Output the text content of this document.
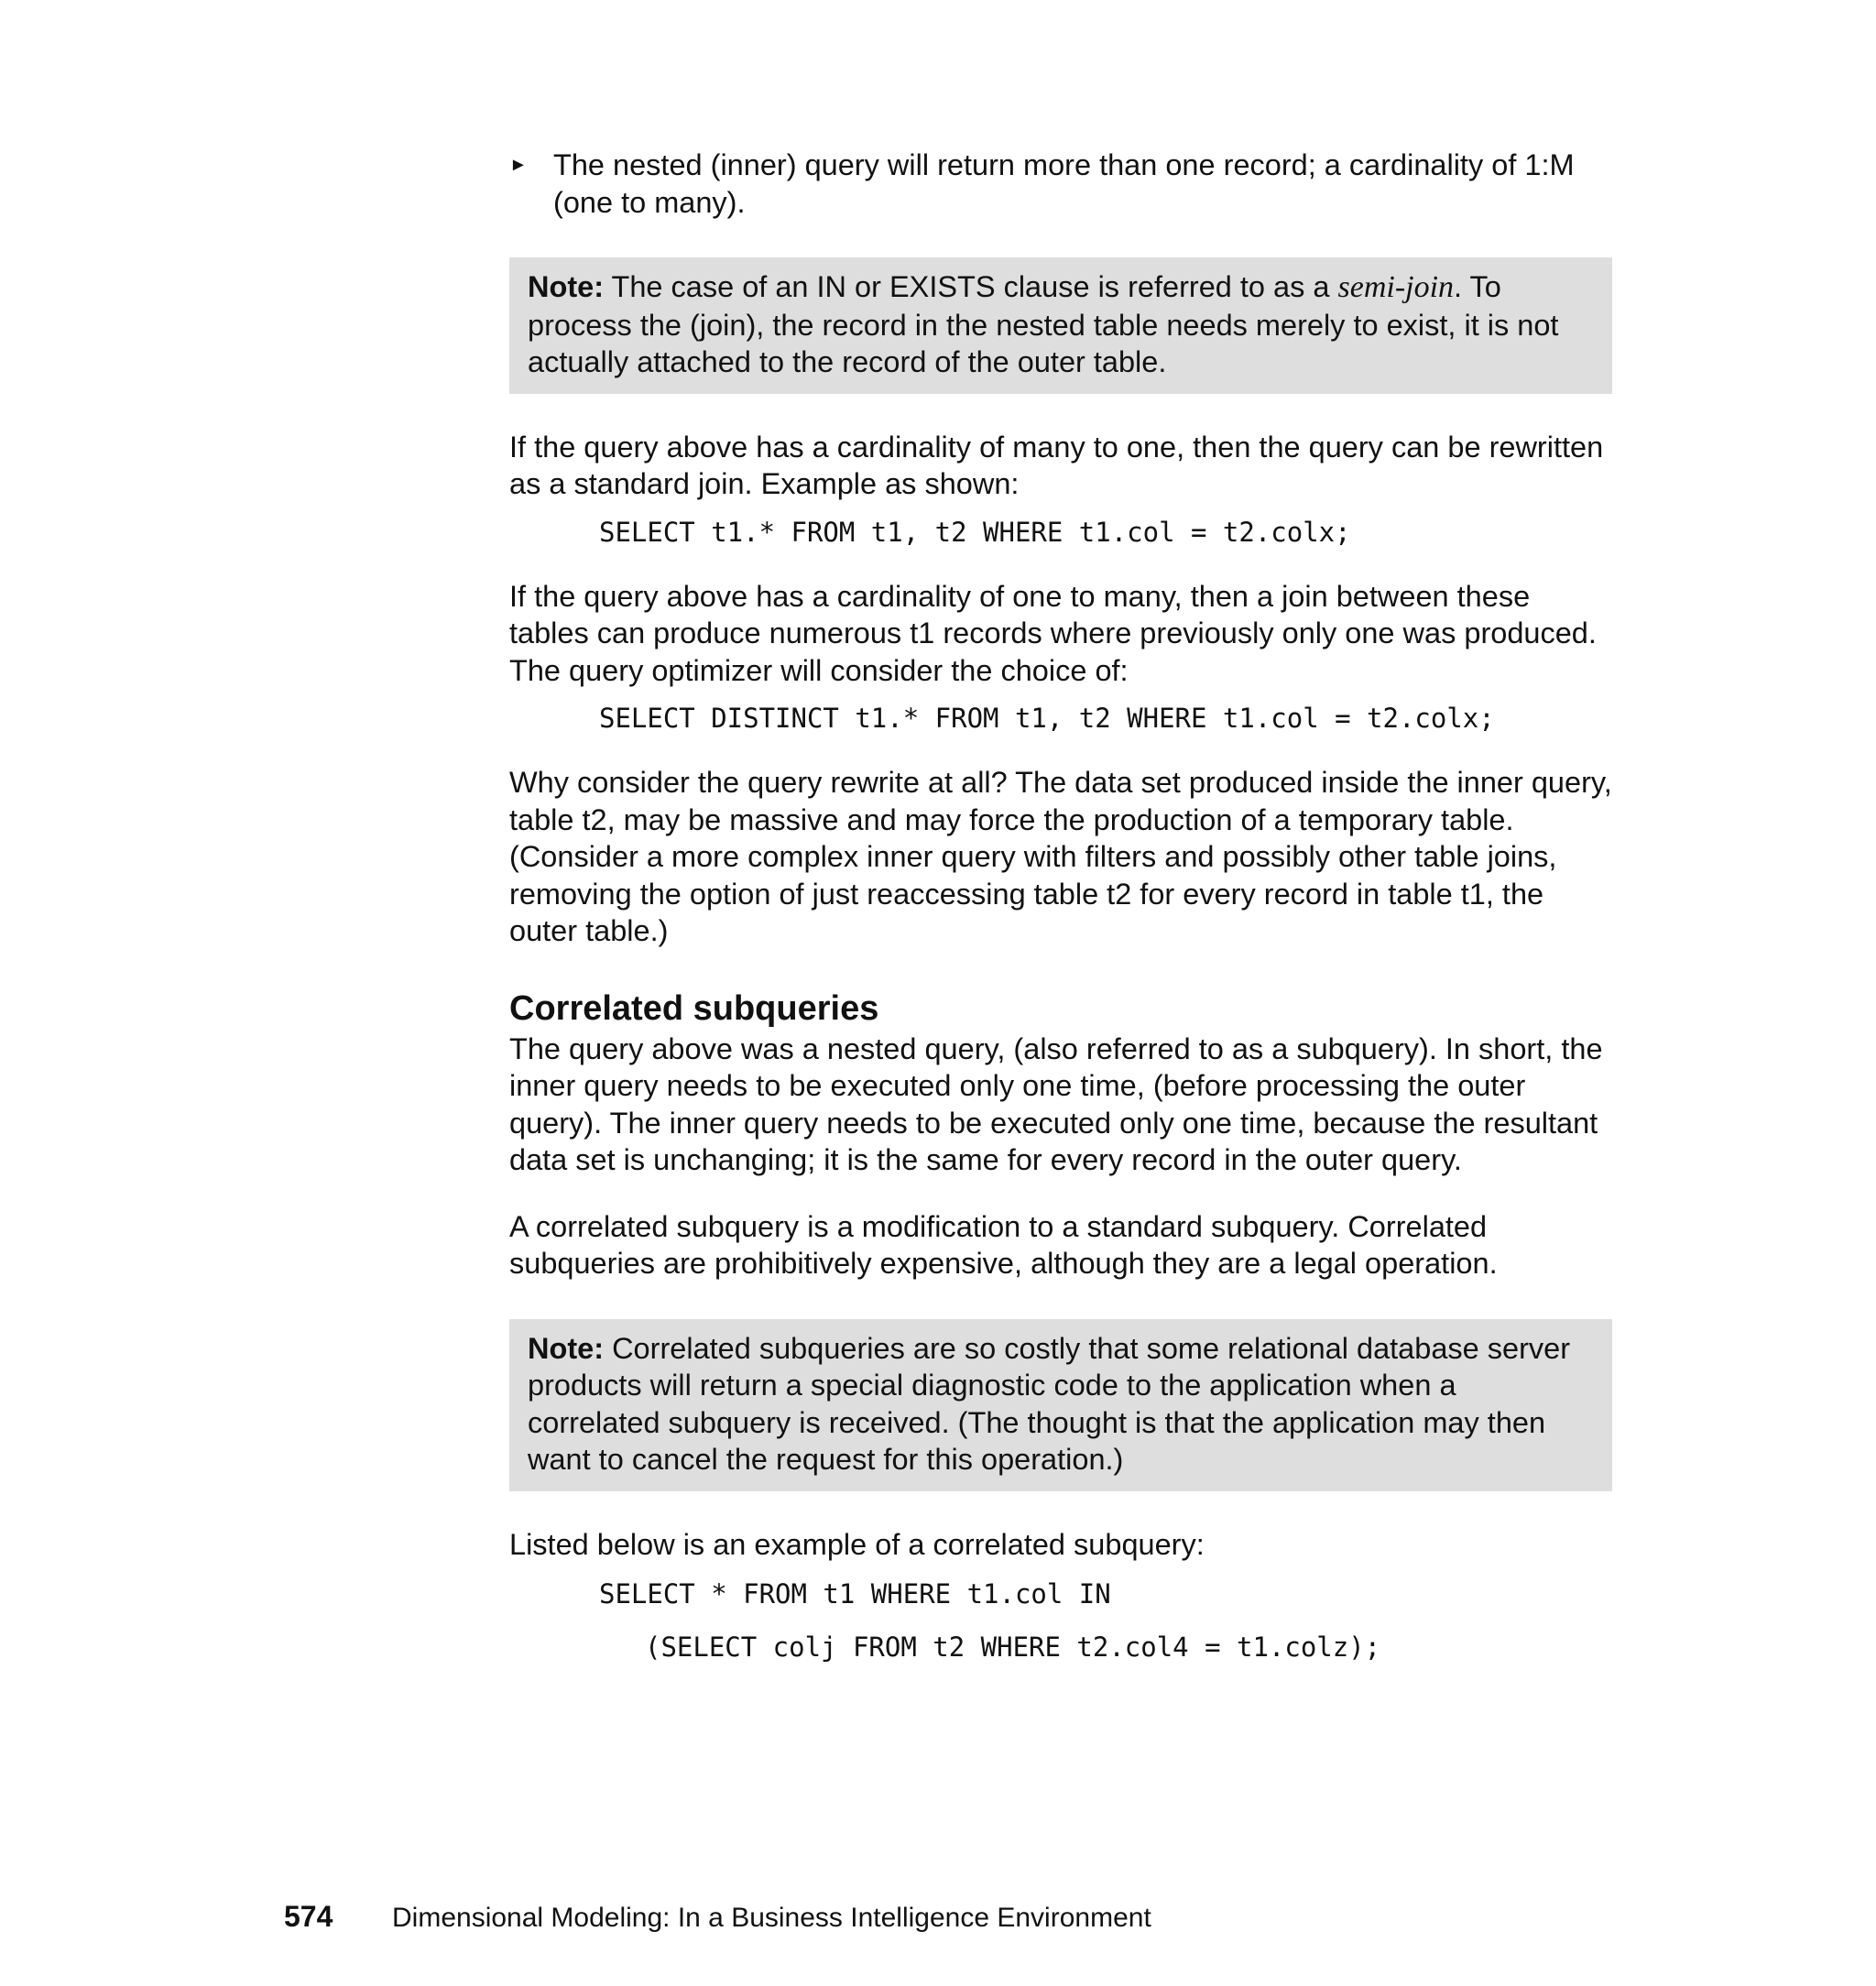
► The nested (inner) query will return more than one record; a cardinality of 1:M (one to many).

Note: The case of an IN or EXISTS clause is referred to as a semi-join. To process the (join), the record in the nested table needs merely to exist, it is not actually attached to the record of the outer table.

If the query above has a cardinality of many to one, then the query can be rewritten as a standard join. Example as shown:

SELECT t1.* FROM t1, t2 WHERE t1.col = t2.colx;

If the query above has a cardinality of one to many, then a join between these tables can produce numerous t1 records where previously only one was produced. The query optimizer will consider the choice of:

SELECT DISTINCT t1.* FROM t1, t2 WHERE t1.col = t2.colx;

Why consider the query rewrite at all? The data set produced inside the inner query, table t2, may be massive and may force the production of a temporary table. (Consider a more complex inner query with filters and possibly other table joins, removing the option of just reaccessing table t2 for every record in table t1, the outer table.)

Correlated subqueries

The query above was a nested query, (also referred to as a subquery). In short, the inner query needs to be executed only one time, (before processing the outer query). The inner query needs to be executed only one time, because the resultant data set is unchanging; it is the same for every record in the outer query.

A correlated subquery is a modification to a standard subquery. Correlated subqueries are prohibitively expensive, although they are a legal operation.

Note: Correlated subqueries are so costly that some relational database server products will return a special diagnostic code to the application when a correlated subquery is received. (The thought is that the application may then want to cancel the request for this operation.)

Listed below is an example of a correlated subquery:

SELECT * FROM t1 WHERE t1.col IN

(SELECT colj FROM t2 WHERE t2.col4 = t1.colz);

574 Dimensional Modeling: In a Business Intelligence Environment
